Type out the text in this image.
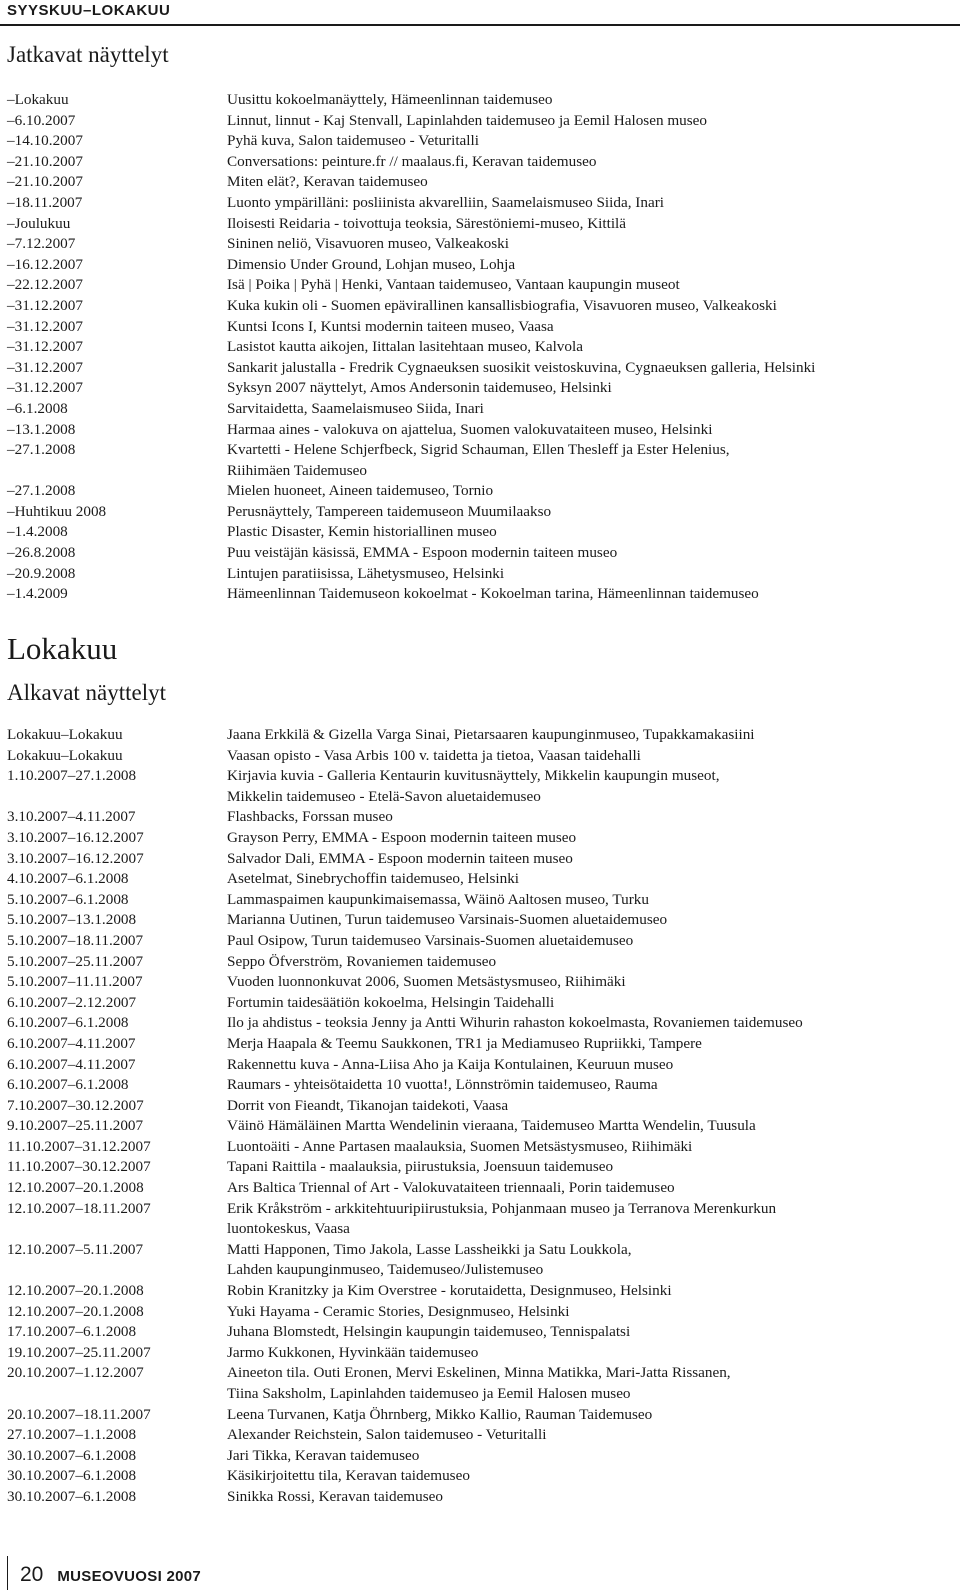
SYYSKUU–LOKAKUU
Jatkavat näyttelyt
–Lokakuu	Uusittu kokoelmanäyttely, Hämeenlinnan taidemuseo
–6.10.2007	Linnut, linnut - Kaj Stenvall, Lapinlahden taidemuseo ja Eemil Halosen museo
–14.10.2007	Pyhä kuva, Salon taidemuseo - Veturitalli
–21.10.2007	Conversations: peinture.fr // maalaus.fi, Keravan taidemuseo
–21.10.2007	Miten elät?, Keravan taidemuseo
–18.11.2007	Luonto ympärilläni: posliinista akvarelliin, Saamelaismuseo Siida, Inari
–Joulukuu	Iloisesti Reidaria - toivottuja teoksia, Särestöniemi-museo, Kittilä
–7.12.2007	Sininen neliö, Visavuoren museo, Valkeakoski
–16.12.2007	Dimensio Under Ground, Lohjan museo, Lohja
–22.12.2007	Isä | Poika | Pyhä | Henki, Vantaan taidemuseo, Vantaan kaupungin museot
–31.12.2007	Kuka kukin oli - Suomen epävirallinen kansallisbiografia, Visavuoren museo, Valkeakoski
–31.12.2007	Kuntsi Icons I, Kuntsi modernin taiteen museo, Vaasa
–31.12.2007	Lasistot kautta aikojen, Iittalan lasitehtaan museo, Kalvola
–31.12.2007	Sankarit jalustalla - Fredrik Cygnaeuksen suosikit veistoskuvina, Cygnaeuksen galleria, Helsinki
–31.12.2007	Syksyn 2007 näyttelyt, Amos Andersonin taidemuseo, Helsinki
–6.1.2008	Sarvitaidetta, Saamelaismuseo Siida, Inari
–13.1.2008	Harmaa aines - valokuva on ajattelua, Suomen valokuvataiteen museo, Helsinki
–27.1.2008	Kvartetti - Helene Schjerfbeck, Sigrid Schauman, Ellen Thesleff ja Ester Helenius,
Riihimäen Taidemuseo
–27.1.2008	Mielen huoneet, Aineen taidemuseo, Tornio
–Huhtikuu 2008	Perusnäyttely, Tampereen taidemuseon Muumilaakso
–1.4.2008	Plastic Disaster, Kemin historiallinen museo
–26.8.2008	Puu veistäjän käsissä, EMMA - Espoon modernin taiteen museo
–20.9.2008	Lintujen paratiisissa, Lähetysmuseo, Helsinki
–1.4.2009	Hämeenlinnan Taidemuseon kokoelmat - Kokoelman tarina, Hämeenlinnan taidemuseo
Lokakuu
Alkavat näyttelyt
Lokakuu–Lokakuu	Jaana Erkkilä & Gizella Varga Sinai, Pietarsaaren kaupunginmuseo, Tupakkamakasiini
Lokakuu–Lokakuu	Vaasan opisto - Vasa Arbis 100 v. taidetta ja tietoa, Vaasan taidehalli
1.10.2007–27.1.2008	Kirjavia kuvia - Galleria Kentaurin kuvitusnäyttely, Mikkelin kaupungin museot,
Mikkelin taidemuseo - Etelä-Savon aluetaidemuseo
3.10.2007–4.11.2007	Flashbacks, Forssan museo
3.10.2007–16.12.2007	Grayson Perry, EMMA - Espoon modernin taiteen museo
3.10.2007–16.12.2007	Salvador Dali, EMMA - Espoon modernin taiteen museo
4.10.2007–6.1.2008	Asetelmat, Sinebrychoffin taidemuseo, Helsinki
5.10.2007–6.1.2008	Lammaspaimen kaupunkimaisemassa, Wäinö Aaltosen museo, Turku
5.10.2007–13.1.2008	Marianna Uutinen, Turun taidemuseo Varsinais-Suomen aluetaidemuseo
5.10.2007–18.11.2007	Paul Osipow, Turun taidemuseo Varsinais-Suomen aluetaidemuseo
5.10.2007–25.11.2007	Seppo Öfverström, Rovaniemen taidemuseo
5.10.2007–11.11.2007	Vuoden luonnonkuvat 2006, Suomen Metsästysmuseo, Riihimäki
6.10.2007–2.12.2007	Fortumin taidesäätiön kokoelma, Helsingin Taidehalli
6.10.2007–6.1.2008	Ilo ja ahdistus - teoksia Jenny ja Antti Wihurin rahaston kokoelmasta, Rovaniemen taidemuseo
6.10.2007–4.11.2007	Merja Haapala & Teemu Saukkonen, TR1 ja Mediamuseo Rupriikki, Tampere
6.10.2007–4.11.2007	Rakennettu kuva - Anna-Liisa Aho ja Kaija Kontulainen, Keuruun museo
6.10.2007–6.1.2008	Raumars - yhteisötaidetta 10 vuotta!, Lönnströmin taidemuseo, Rauma
7.10.2007–30.12.2007	Dorrit von Fieandt, Tikanojan taidekoti, Vaasa
9.10.2007–25.11.2007	Väinö Hämäläinen Martta Wendelinin vieraana, Taidemuseo Martta Wendelin, Tuusula
11.10.2007–31.12.2007	Luontoäiti - Anne Partasen maalauksia, Suomen Metsästysmuseo, Riihimäki
11.10.2007–30.12.2007	Tapani Raittila - maalauksia, piirustuksia, Joensuun taidemuseo
12.10.2007–20.1.2008	Ars Baltica Triennal of Art - Valokuvataiteen triennaali, Porin taidemuseo
12.10.2007–18.11.2007	Erik Kråkström - arkkitehtuuripiirustuksia, Pohjanmaan museo ja Terranova Merenkurkun
luontokeskus, Vaasa
12.10.2007–5.11.2007	Matti Happonen, Timo Jakola, Lasse Lassheikki ja Satu Loukkola,
Lahden kaupunginmuseo, Taidemuseo/Julistemuseo
12.10.2007–20.1.2008	Robin Kranitzky ja Kim Overstree - korutaidetta, Designmuseo, Helsinki
12.10.2007–20.1.2008	Yuki Hayama - Ceramic Stories, Designmuseo, Helsinki
17.10.2007–6.1.2008	Juhana Blomstedt, Helsingin kaupungin taidemuseo, Tennispalatsi
19.10.2007–25.11.2007	Jarmo Kukkonen, Hyvinkään taidemuseo
20.10.2007–1.12.2007	Aineeton tila. Outi Eronen, Mervi Eskelinen, Minna Matikka, Mari-Jatta Rissanen,
Tiina Saksholm, Lapinlahden taidemuseo ja Eemil Halosen museo
20.10.2007–18.11.2007	Leena Turvanen, Katja Öhrnberg, Mikko Kallio, Rauman Taidemuseo
27.10.2007–1.1.2008	Alexander Reichstein, Salon taidemuseo - Veturitalli
30.10.2007–6.1.2008	Jari Tikka, Keravan taidemuseo
30.10.2007–6.1.2008	Käsikirjoitettu tila, Keravan taidemuseo
30.10.2007–6.1.2008	Sinikka Rossi, Keravan taidemuseo
20 MUSEOVUOSI 2007
